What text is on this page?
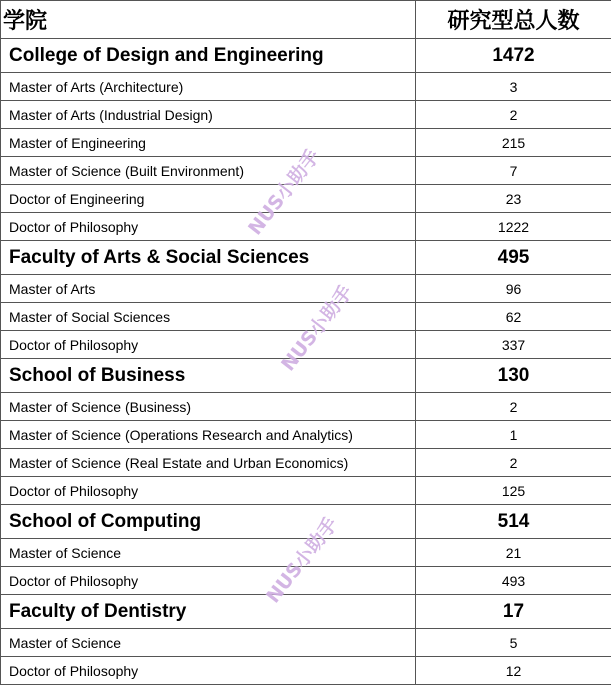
学院	研究型总人数
College of Design and Engineering	1472
Master of Arts (Architecture)	3
Master of Arts (Industrial Design)	2
Master of Engineering	215
Master of Science (Built Environment)	7
Doctor of Engineering	23
Doctor of Philosophy	1222
Faculty of Arts & Social Sciences	495
Master of Arts	96
Master of Social Sciences	62
Doctor of Philosophy	337
School of Business	130
Master of Science (Business)	2
Master of Science (Operations Research and Analytics)	1
Master of Science (Real Estate and Urban Economics)	2
Doctor of Philosophy	125
School of Computing	514
Master of Science	21
Doctor of Philosophy	493
Faculty of Dentistry	17
Master of Science	5
Doctor of Philosophy	12
NUS小助手
NUS小助手
NUS小助手
